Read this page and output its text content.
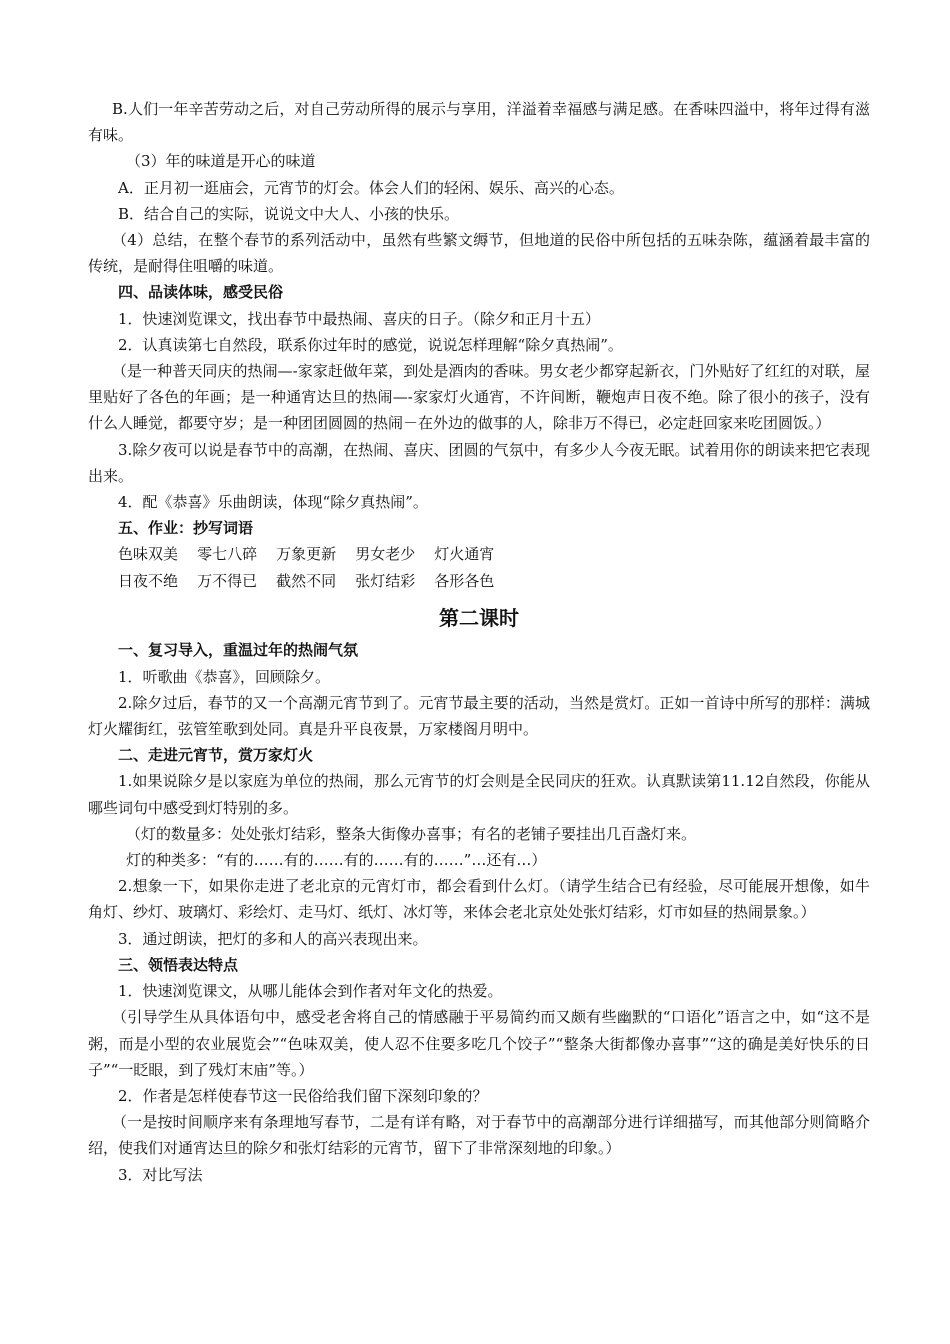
B.人们一年辛苦劳动之后，对自己劳动所得的展示与享用，洋溢着幸福感与满足感。在香味四溢中，将年过得有滋有味。

（3）年的味道是开心的味道

A．正月初一逛庙会，元宵节的灯会。体会人们的轻闲、娱乐、高兴的心态。

B．结合自己的实际，说说文中大人、小孩的快乐。

（4）总结，在整个春节的系列活动中，虽然有些繁文缛节，但地道的民俗中所包括的五味杂陈，蕴涵着最丰富的传统，是耐得住咀嚼的味道。

四、品读体味，感受民俗

1．快速浏览课文，找出春节中最热闹、喜庆的日子。（除夕和正月十五）

2．认真读第七自然段，联系你过年时的感觉，说说怎样理解“除夕真热闹”。

（是一种普天同庆的热闹—-家家赶做年菜，到处是酒肉的香味。男女老少都穿起新衣，门外贴好了红红的对联，屋里贴好了各色的年画；是一种通宵达旦的热闹—-家家灯火通宵，不许间断，鞭炮声日夜不绝。除了很小的孩子，没有什么人睡觉，都要守岁；是一种团团圆圆的热闹－在外边的做事的人，除非万不得已，必定赶回家来吃团圆饭。）

3.除夕夜可以说是春节中的高潮，在热闹、喜庆、团圆的气氛中，有多少人今夜无眠。试着用你的朗读来把它表现出来。

4．配《恭喜》乐曲朗读，体现“除夕真热闹”。

五、作业：抄写词语

色味双美    零七八碎    万象更新    男女老少    灯火通宵

日夜不绝    万不得已    截然不同    张灯结彩    各形各色

第二课时

一、复习导入，重温过年的热闹气氛

1．听歌曲《恭喜》，回顾除夕。

2.除夕过后，春节的又一个高潮元宵节到了。元宵节最主要的活动，当然是赏灯。正如一首诗中所写的那样：满城灯火耀街红，弦管笙歌到处同。真是升平良夜景，万家楼阁月明中。

二、走进元宵节，赏万家灯火

1.如果说除夕是以家庭为单位的热闹，那么元宵节的灯会则是全民同庆的狂欢。认真默读第11.12自然段，你能从哪些词句中感受到灯特别的多。

（灯的数量多：处处张灯结彩，整条大街像办喜事；有名的老铺子要挂出几百盏灯来。

灯的种类多：“有的……有的……有的……有的……”…还有…）

2.想象一下，如果你走进了老北京的元宵灯市，都会看到什么灯。（请学生结合已有经验，尽可能展开想像，如牛角灯、纱灯、玻璃灯、彩绘灯、走马灯、纸灯、冰灯等，来体会老北京处处张灯结彩，灯市如昼的热闹景象。）

3．通过朗读，把灯的多和人的高兴表现出来。

三、领悟表达特点

1．快速浏览课文，从哪儿能体会到作者对年文化的热爱。

（引导学生从具体语句中，感受老舍将自己的情感融于平易简约而又颇有些幽默的“口语化”语言之中，如“这不是粥，而是小型的农业展览会”“色味双美，使人忍不住要多吃几个饺子”“整条大街都像办喜事”“这的确是美好快乐的日子”“一眨眼，到了残灯末庙”等。）

2．作者是怎样使春节这一民俗给我们留下深刻印象的？

（一是按时间顺序来有条理地写春节，二是有详有略，对于春节中的高潮部分进行详细描写，而其他部分则简略介绍，使我们对通宵达旦的除夕和张灯结彩的元宵节，留下了非常深刻地的印象。）

3．对比写法
